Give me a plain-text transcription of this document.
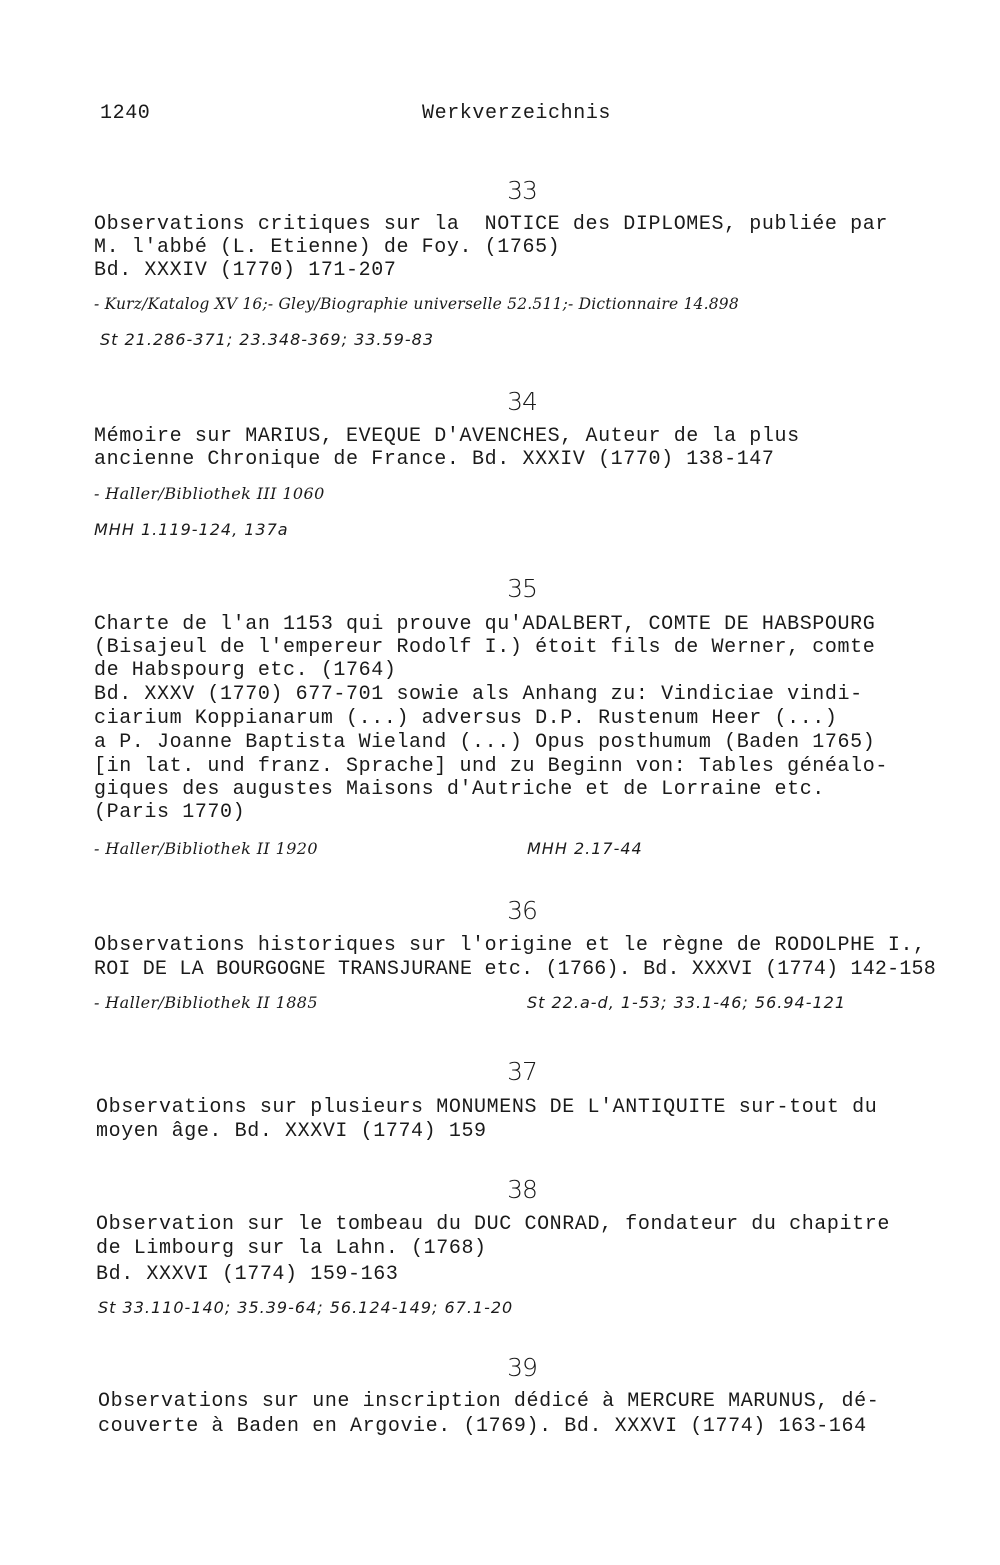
1240	Werkverzeichnis
33
Observations critiques sur la  NOTICE des DIPLOMES, publiée par
M. l'abbé (L. Etienne) de Foy. (1765)
Bd. XXXIV (1770) 171-207
- Kurz/Katalog XV 16;- Gley/Biographie universelle 52.511;- Dictionnaire 14.898
St 21.286-371; 23.348-369; 33.59-83
34
Mémoire sur MARIUS, EVEQUE D'AVENCHES, Auteur de la plus
ancienne Chronique de France. Bd. XXXIV (1770) 138-147
- Haller/Bibliothek III 1060
MHH 1.119-124, 137a
35
Charte de l'an 1153 qui prouve qu'ADALBERT, COMTE DE HABSPOURG
(Bisajeul de l'empereur Rodolf I.) étoit fils de Werner, comte
de Habspourg etc. (1764)
Bd. XXXV (1770) 677-701 sowie als Anhang zu: Vindiciae vindi-
ciarium Koppianarum (...) adversus D.P. Rustenum Heer (...)
a P. Joanne Baptista Wieland (...) Opus posthumum (Baden 1765)
[in lat. und franz. Sprache] und zu Beginn von: Tables généalo-
giques des augustes Maisons d'Autriche et de Lorraine etc.
(Paris 1770)
- Haller/Bibliothek II 1920	MHH 2.17-44
36
Observations historiques sur l'origine et le règne de RODOLPHE I.,
ROI DE LA BOURGOGNE TRANSJURANE etc. (1766). Bd. XXXVI (1774) 142-158
- Haller/Bibliothek II 1885	St 22.a-d, 1-53; 33.1-46; 56.94-121
37
Observations sur plusieurs MONUMENS DE L'ANTIQUITE sur-tout du
moyen âge. Bd. XXXVI (1774) 159
38
Observation sur le tombeau du DUC CONRAD, fondateur du chapitre
de Limbourg sur la Lahn. (1768)
Bd. XXXVI (1774) 159-163
St 33.110-140; 35.39-64; 56.124-149; 67.1-20
39
Observations sur une inscription dédicé à MERCURE MARUNUS, dé-
couverte à Baden en Argovie. (1769). Bd. XXXVI (1774) 163-164
